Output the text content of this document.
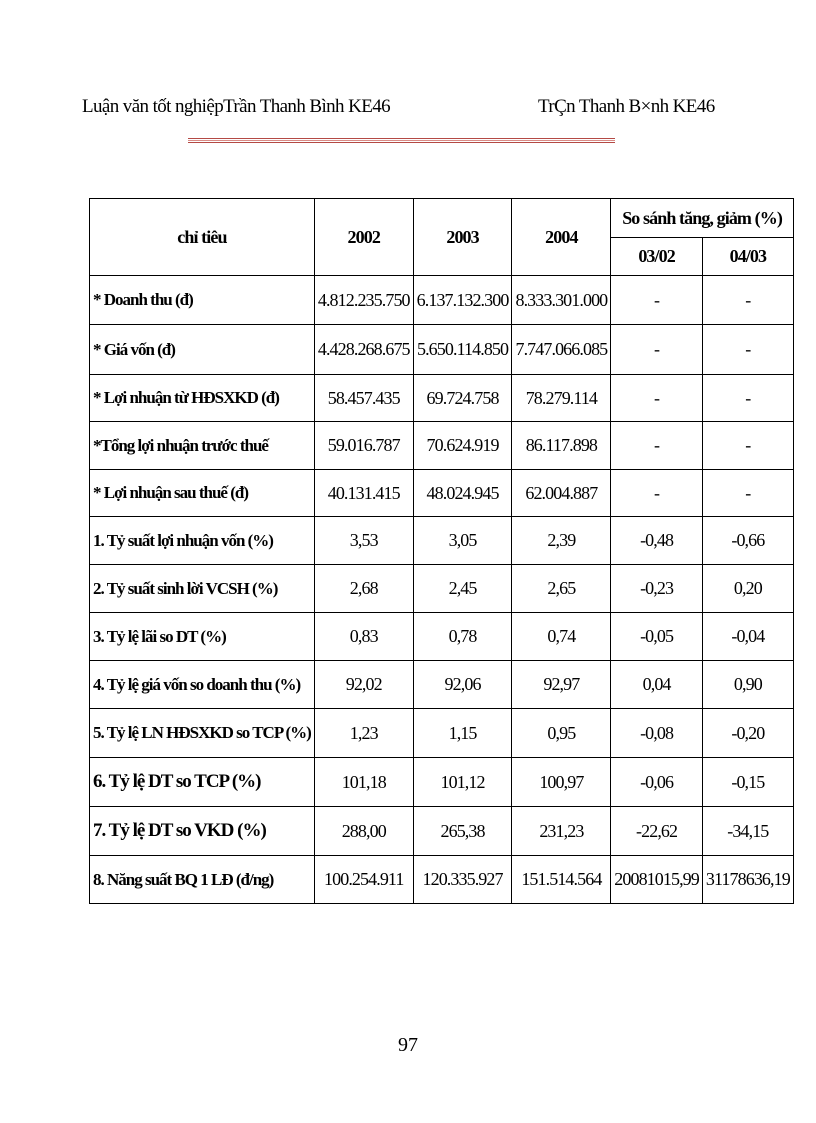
Luận văn tốt nghiệpTrần Thanh Bình KE46	TrÇn Thanh B×nh KE46
chỉ tiêu	2002	2003	2004	So sánh tăng, giảm (%)	
				03/02	04/03
* Doanh thu (đ)	4.812.235.750	6.137.132.300	8.333.301.000	-	-
* Giá vốn (đ)	4.428.268.675	5.650.114.850	7.747.066.085	-	-
* Lợi nhuận từ HĐSXKD (đ)	58.457.435	69.724.758	78.279.114	-	-
*Tổng lợi nhuận trước thuế	59.016.787	70.624.919	86.117.898	-	-
* Lợi nhuận sau thuế (đ)	40.131.415	48.024.945	62.004.887	-	-
1. Tỷ suất lợi nhuận vốn (%)	3,53	3,05	2,39	-0,48	-0,66
2. Tỷ suất sinh lời VCSH (%)	2,68	2,45	2,65	-0,23	0,20
3. Tỷ lệ lãi so DT (%)	0,83	0,78	0,74	-0,05	-0,04
4. Tỷ lệ giá vốn so doanh thu (%)	92,02	92,06	92,97	0,04	0,90
5. Tỷ lệ LN HĐSXKD so TCP (%)	1,23	1,15	0,95	-0,08	-0,20
6. Tỷ lệ DT so TCP (%)	101,18	101,12	100,97	-0,06	-0,15
7. Tỷ lệ DT so VKD (%)	288,00	265,38	231,23	-22,62	-34,15
8. Năng suất BQ 1 LĐ (đ/ng)	100.254.911	120.335.927	151.514.564	20081015,99	31178636,19
97
